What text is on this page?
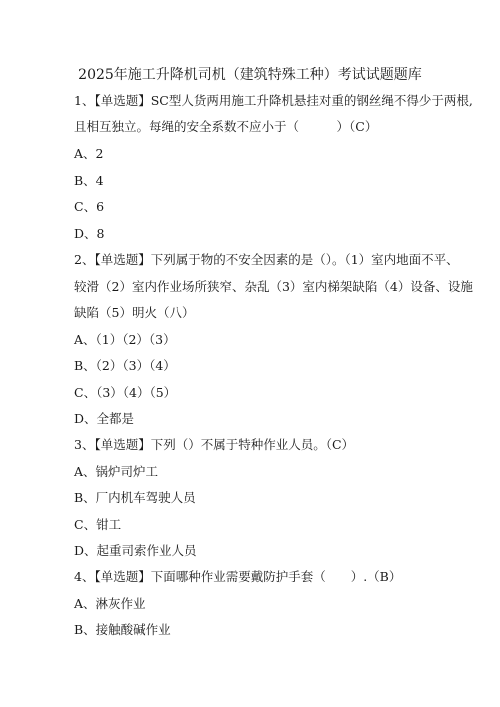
2025年施工升降机司机（建筑特殊工种）考试试题题库
1、【单选题】SC型人货两用施工升降机悬挂对重的钢丝绳不得少于两根,
且相互独立。每绳的安全系数不应小于（　　　）（C）
A、2
B、4
C、6
D、8
2、【单选题】下列属于物的不安全因素的是（）。（1）室内地面不平、
较滑（2）室内作业场所狭窄、杂乱（3）室内梯架缺陷（4）设备、设施
缺陷（5）明火（八）
A、（1）（2）（3）
B、（2）（3）（4）
C、（3）（4）（5）
D、全都是
3、【单选题】下列（）不属于特种作业人员。（C）
A、锅炉司炉工
B、厂内机车驾驶人员
C、钳工
D、起重司索作业人员
4、【单选题】下面哪种作业需要戴防护手套（　　）.（B）
A、淋灰作业
B、接触酸碱作业
